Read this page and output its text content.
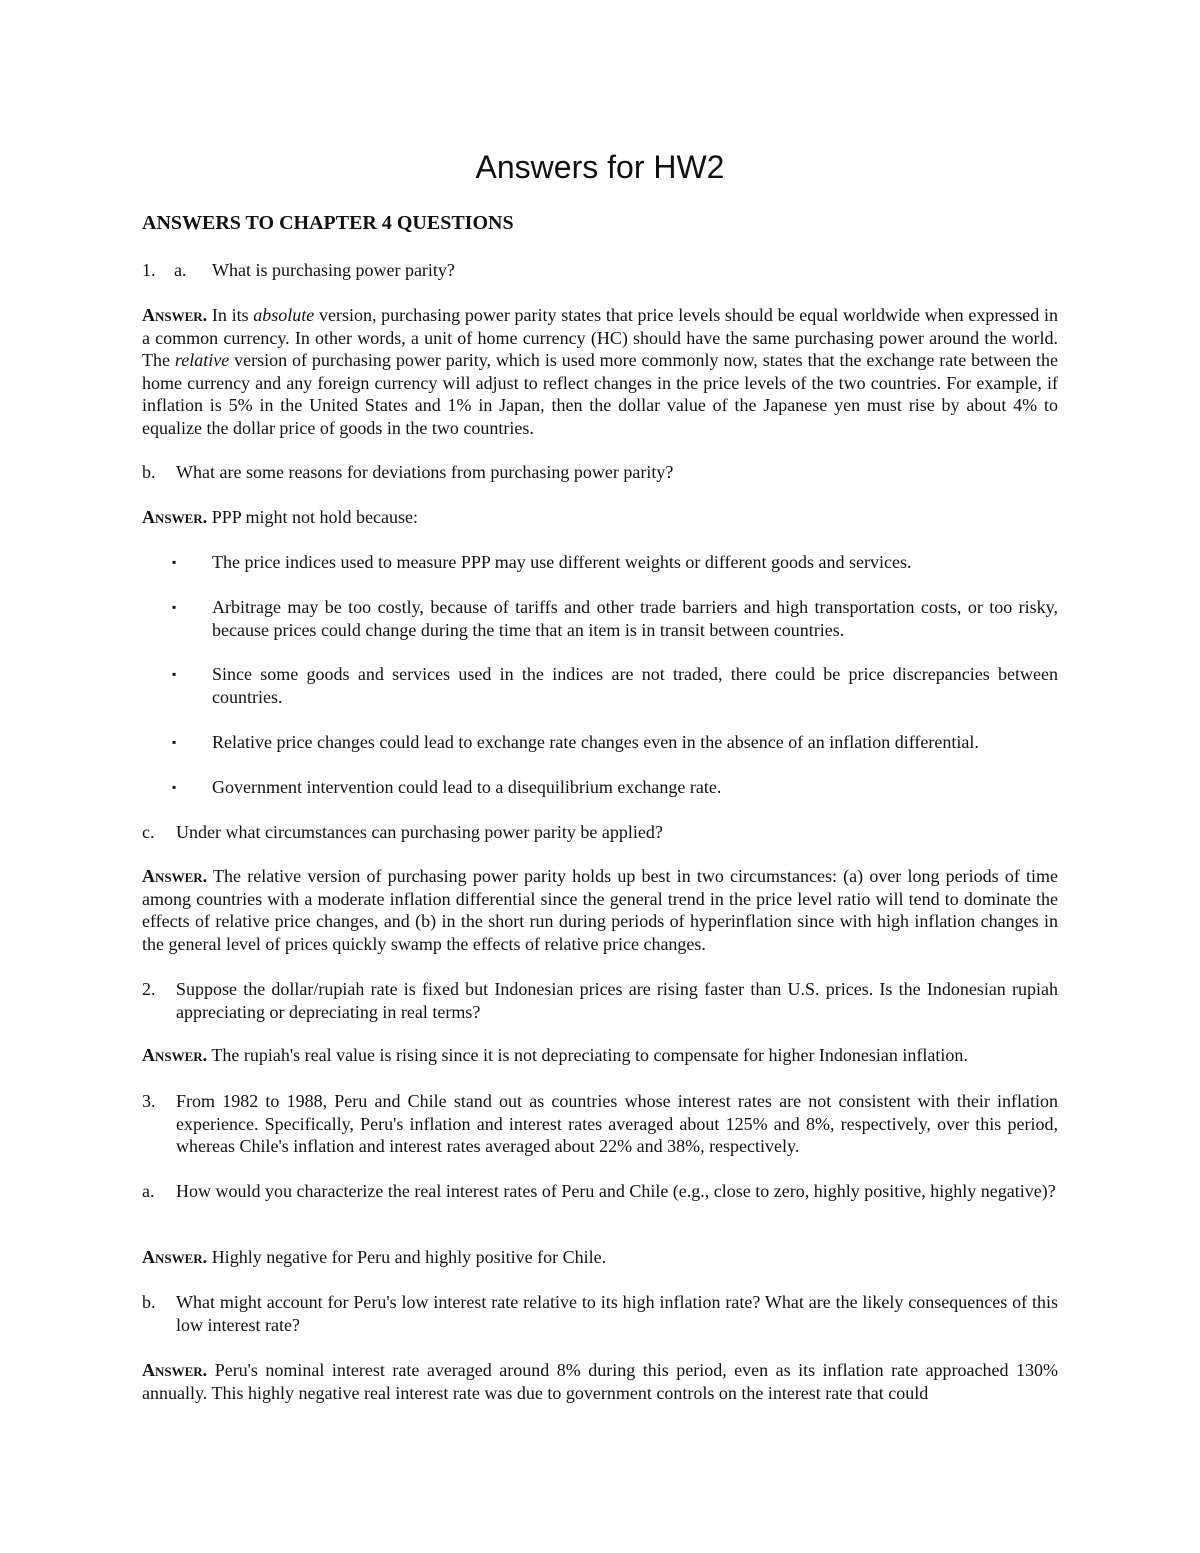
Answers for HW2
ANSWERS TO CHAPTER 4 QUESTIONS
1. a. What is purchasing power parity?

Answer. In its absolute version, purchasing power parity states that price levels should be equal worldwide when expressed in a common currency. In other words, a unit of home currency (HC) should have the same purchasing power around the world. The relative version of purchasing power parity, which is used more commonly now, states that the exchange rate between the home currency and any foreign currency will adjust to reflect changes in the price levels of the two countries. For example, if inflation is 5% in the United States and 1% in Japan, then the dollar value of the Japanese yen must rise by about 4% to equalize the dollar price of goods in the two countries.

b. What are some reasons for deviations from purchasing power parity?

Answer. PPP might not hold because:

▪ The price indices used to measure PPP may use different weights or different goods and services.
▪ Arbitrage may be too costly, because of tariffs and other trade barriers and high transportation costs, or too risky, because prices could change during the time that an item is in transit between countries.
▪ Since some goods and services used in the indices are not traded, there could be price discrepancies between countries.
▪ Relative price changes could lead to exchange rate changes even in the absence of an inflation differential.
▪ Government intervention could lead to a disequilibrium exchange rate.
c. Under what circumstances can purchasing power parity be applied?

Answer. The relative version of purchasing power parity holds up best in two circumstances: (a) over long periods of time among countries with a moderate inflation differential since the general trend in the price level ratio will tend to dominate the effects of relative price changes, and (b) in the short run during periods of hyperinflation since with high inflation changes in the general level of prices quickly swamp the effects of relative price changes.

2. Suppose the dollar/rupiah rate is fixed but Indonesian prices are rising faster than U.S. prices. Is the Indonesian rupiah appreciating or depreciating in real terms?

Answer. The rupiah's real value is rising since it is not depreciating to compensate for higher Indonesian inflation.

3. From 1982 to 1988, Peru and Chile stand out as countries whose interest rates are not consistent with their inflation experience. Specifically, Peru's inflation and interest rates averaged about 125% and 8%, respectively, over this period, whereas Chile's inflation and interest rates averaged about 22% and 38%, respectively.
a. How would you characterize the real interest rates of Peru and Chile (e.g., close to zero, highly positive, highly negative)?

Answer. Highly negative for Peru and highly positive for Chile.

b. What might account for Peru's low interest rate relative to its high inflation rate? What are the likely consequences of this low interest rate?

Answer. Peru's nominal interest rate averaged around 8% during this period, even as its inflation rate approached 130% annually. This highly negative real interest rate was due to government controls on the interest rate that could
